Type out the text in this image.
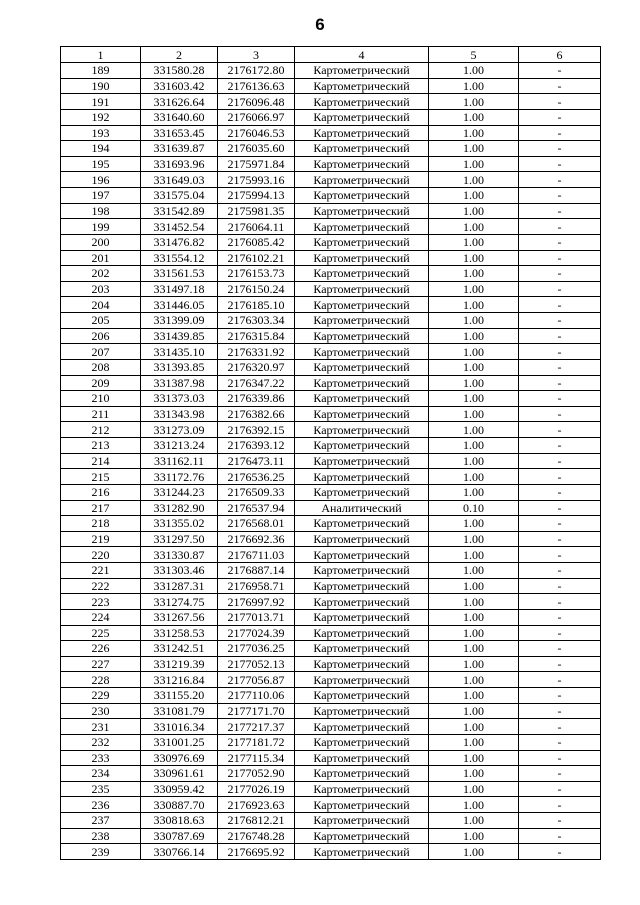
6
1	2	3	4	5	6
189	331580.28	2176172.80	Картометрический	1.00	-
190	331603.42	2176136.63	Картометрический	1.00	-
191	331626.64	2176096.48	Картометрический	1.00	-
192	331640.60	2176066.97	Картометрический	1.00	-
193	331653.45	2176046.53	Картометрический	1.00	-
194	331639.87	2176035.60	Картометрический	1.00	-
195	331693.96	2175971.84	Картометрический	1.00	-
196	331649.03	2175993.16	Картометрический	1.00	-
197	331575.04	2175994.13	Картометрический	1.00	-
198	331542.89	2175981.35	Картометрический	1.00	-
199	331452.54	2176064.11	Картометрический	1.00	-
200	331476.82	2176085.42	Картометрический	1.00	-
201	331554.12	2176102.21	Картометрический	1.00	-
202	331561.53	2176153.73	Картометрический	1.00	-
203	331497.18	2176150.24	Картометрический	1.00	-
204	331446.05	2176185.10	Картометрический	1.00	-
205	331399.09	2176303.34	Картометрический	1.00	-
206	331439.85	2176315.84	Картометрический	1.00	-
207	331435.10	2176331.92	Картометрический	1.00	-
208	331393.85	2176320.97	Картометрический	1.00	-
209	331387.98	2176347.22	Картометрический	1.00	-
210	331373.03	2176339.86	Картометрический	1.00	-
211	331343.98	2176382.66	Картометрический	1.00	-
212	331273.09	2176392.15	Картометрический	1.00	-
213	331213.24	2176393.12	Картометрический	1.00	-
214	331162.11	2176473.11	Картометрический	1.00	-
215	331172.76	2176536.25	Картометрический	1.00	-
216	331244.23	2176509.33	Картометрический	1.00	-
217	331282.90	2176537.94	Аналитический	0.10	-
218	331355.02	2176568.01	Картометрический	1.00	-
219	331297.50	2176692.36	Картометрический	1.00	-
220	331330.87	2176711.03	Картометрический	1.00	-
221	331303.46	2176887.14	Картометрический	1.00	-
222	331287.31	2176958.71	Картометрический	1.00	-
223	331274.75	2176997.92	Картометрический	1.00	-
224	331267.56	2177013.71	Картометрический	1.00	-
225	331258.53	2177024.39	Картометрический	1.00	-
226	331242.51	2177036.25	Картометрический	1.00	-
227	331219.39	2177052.13	Картометрический	1.00	-
228	331216.84	2177056.87	Картометрический	1.00	-
229	331155.20	2177110.06	Картометрический	1.00	-
230	331081.79	2177171.70	Картометрический	1.00	-
231	331016.34	2177217.37	Картометрический	1.00	-
232	331001.25	2177181.72	Картометрический	1.00	-
233	330976.69	2177115.34	Картометрический	1.00	-
234	330961.61	2177052.90	Картометрический	1.00	-
235	330959.42	2177026.19	Картометрический	1.00	-
236	330887.70	2176923.63	Картометрический	1.00	-
237	330818.63	2176812.21	Картометрический	1.00	-
238	330787.69	2176748.28	Картометрический	1.00	-
239	330766.14	2176695.92	Картометрический	1.00	-
